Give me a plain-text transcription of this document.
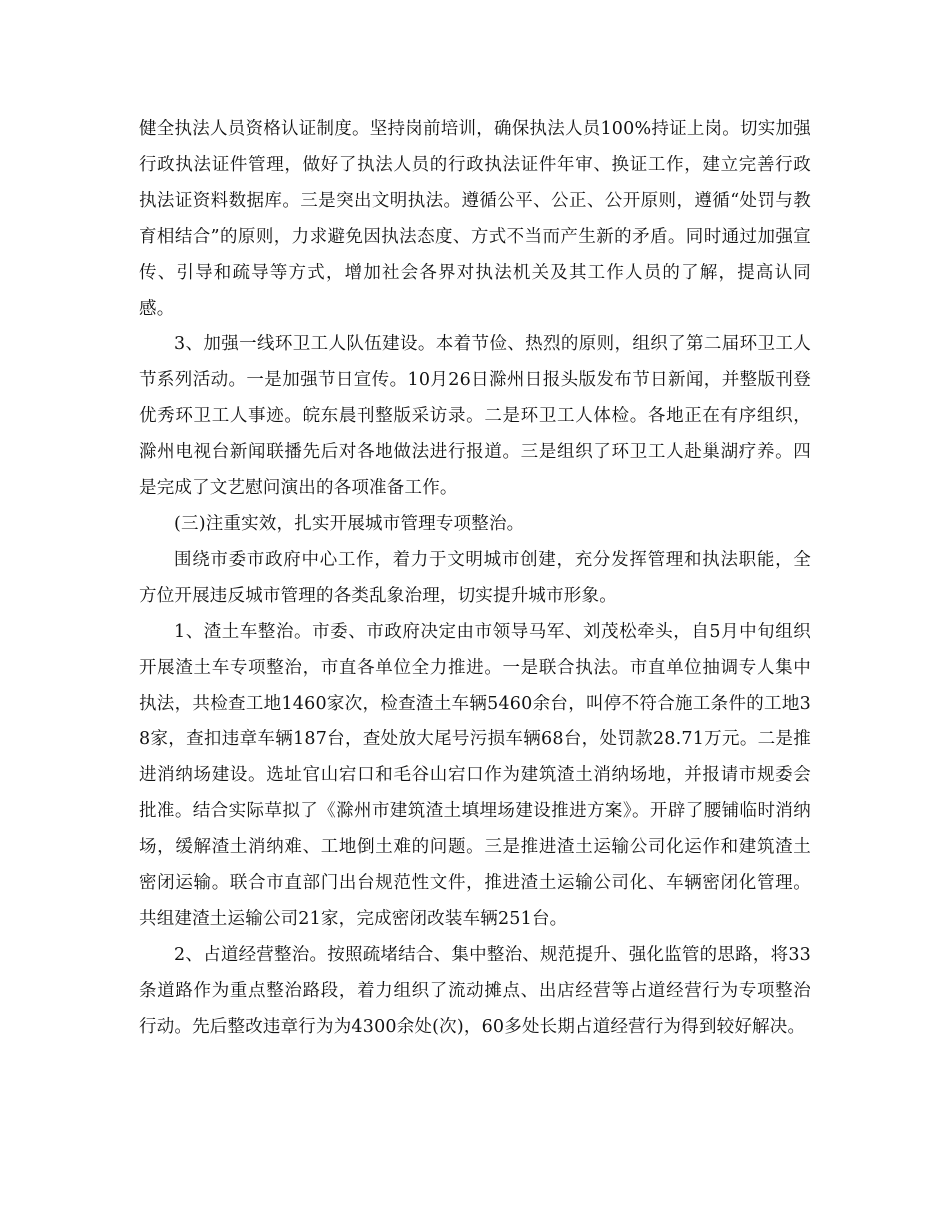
健全执法人员资格认证制度。坚持岗前培训，确保执法人员100%持证上岗。切实加强行政执法证件管理，做好了执法人员的行政执法证件年审、换证工作，建立完善行政执法证资料数据库。三是突出文明执法。遵循公平、公正、公开原则，遵循“处罚与教育相结合”的原则，力求避免因执法态度、方式不当而产生新的矛盾。同时通过加强宣传、引导和疏导等方式，增加社会各界对执法机关及其工作人员的了解，提高认同感。

3、加强一线环卫工人队伍建设。本着节俭、热烈的原则，组织了第二届环卫工人节系列活动。一是加强节日宣传。10月26日滁州日报头版发布节日新闻，并整版刊登优秀环卫工人事迹。皖东晨刊整版采访录。二是环卫工人体检。各地正在有序组织，滁州电视台新闻联播先后对各地做法进行报道。三是组织了环卫工人赴巢湖疗养。四是完成了文艺慰问演出的各项准备工作。

(三)注重实效，扎实开展城市管理专项整治。

围绕市委市政府中心工作，着力于文明城市创建，充分发挥管理和执法职能，全方位开展违反城市管理的各类乱象治理，切实提升城市形象。

1、渣土车整治。市委、市政府决定由市领导马军、刘茂松牵头，自5月中旬组织开展渣土车专项整治，市直各单位全力推进。一是联合执法。市直单位抽调专人集中执法，共检查工地1460家次，检查渣土车辆5460余台，叫停不符合施工条件的工地38家，查扣违章车辆187台，查处放大尾号污损车辆68台，处罚款28.71万元。二是推进消纳场建设。选址官山宕口和毛谷山宕口作为建筑渣土消纳场地，并报请市规委会批准。结合实际草拟了《滁州市建筑渣土填埋场建设推进方案》。开辟了腰铺临时消纳场，缓解渣土消纳难、工地倒土难的问题。三是推进渣土运输公司化运作和建筑渣土密闭运输。联合市直部门出台规范性文件，推进渣土运输公司化、车辆密闭化管理。共组建渣土运输公司21家，完成密闭改装车辆251台。

2、占道经营整治。按照疏堵结合、集中整治、规范提升、强化监管的思路，将33条道路作为重点整治路段，着力组织了流动摊点、出店经营等占道经营行为专项整治行动。先后整改违章行为为4300余处(次)，60多处长期占道经营行为得到较好解决。
